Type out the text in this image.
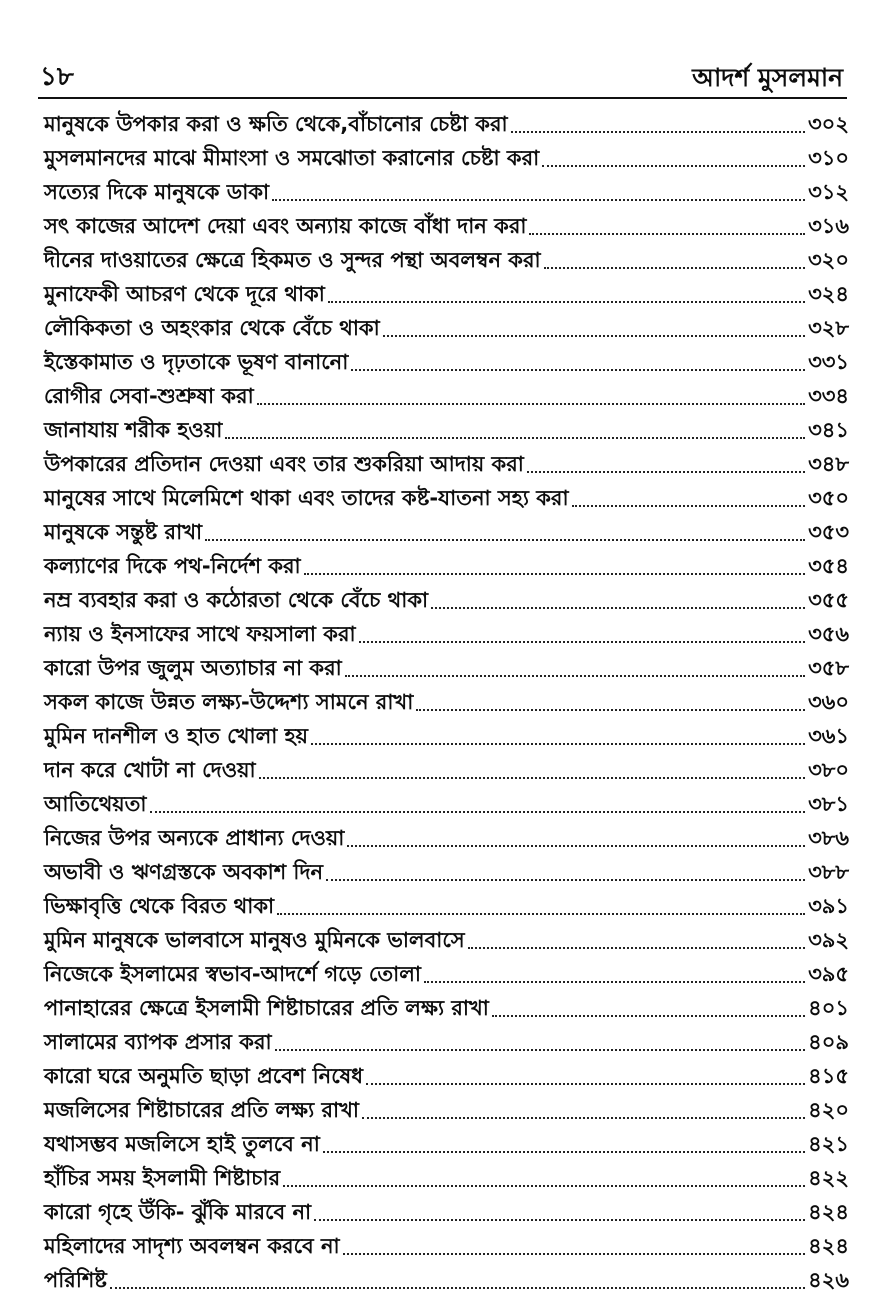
১৮	আদর্শ মুসলমান
মানুষকে উপকার করা ও ক্ষতি থেকে,বাঁচানোর চেষ্টা করা	৩০২
মুসলমানদের মাঝে মীমাংসা ও সমঝোতা করানোর চেষ্টা করা	৩১০
সত্যের দিকে মানুষকে ডাকা	৩১২
সৎ কাজের আদেশ দেয়া এবং অন্যায় কাজে বাঁধা দান করা	৩১৬
দীনের দাওয়াতের ক্ষেত্রে হিকমত ও সুন্দর পন্থা অবলম্বন করা	৩২০
মুনাফেকী আচরণ থেকে দূরে থাকা	৩২৪
লৌকিকতা ও অহংকার থেকে বেঁচে থাকা	৩২৮
ইস্তেকামাত ও দৃঢ়তাকে ভূষণ বানানো	৩৩১
রোগীর সেবা-শুশ্রুষা করা	৩৩৪
জানাযায় শরীক হওয়া	৩৪১
উপকারের প্রতিদান দেওয়া এবং তার শুকরিয়া আদায় করা	৩৪৮
মানুষের সাথে মিলেমিশে থাকা এবং তাদের কষ্ট-যাতনা সহ্য করা	৩৫০
মানুষকে সন্তুষ্ট রাখা	৩৫৩
কল্যাণের দিকে পথ-নির্দেশ করা	৩৫৪
নম্র ব্যবহার করা ও কঠোরতা থেকে বেঁচে থাকা	৩৫৫
ন্যায় ও ইনসাফের সাথে ফয়সালা করা	৩৫৬
কারো উপর জুলুম অত্যাচার না করা	৩৫৮
সকল কাজে উন্নত লক্ষ্য-উদ্দেশ্য সামনে রাখা	৩৬০
মুমিন দানশীল ও হাত খোলা হয়	৩৬১
দান করে খোটা না দেওয়া	৩৮০
আতিথেয়তা	৩৮১
নিজের উপর অন্যকে প্রাধান্য দেওয়া	৩৮৬
অভাবী ও ঋণগ্রস্তকে অবকাশ দিন	৩৮৮
ভিক্ষাবৃত্তি থেকে বিরত থাকা	৩৯১
মুমিন মানুষকে ভালবাসে মানুষও মুমিনকে ভালবাসে	৩৯২
নিজেকে ইসলামের স্বভাব-আদর্শে গড়ে তোলা	৩৯৫
পানাহারের ক্ষেত্রে ইসলামী শিষ্টাচারের প্রতি লক্ষ্য রাখা	৪০১
সালামের ব্যাপক প্রসার করা	৪০৯
কারো ঘরে অনুমতি ছাড়া প্রবেশ নিষেধ	৪১৫
মজলিসের শিষ্টাচারের প্রতি লক্ষ্য রাখা	৪২০
যথাসম্ভব মজলিসে হাই তুলবে না	৪২১
হাঁচির সময় ইসলামী শিষ্টাচার	৪২২
কারো গৃহে উঁকি- ঝুঁকি মারবে না	৪২৪
মহিলাদের সাদৃশ্য অবলম্বন করবে না	৪২৪
পরিশিষ্ট	৪২৬
